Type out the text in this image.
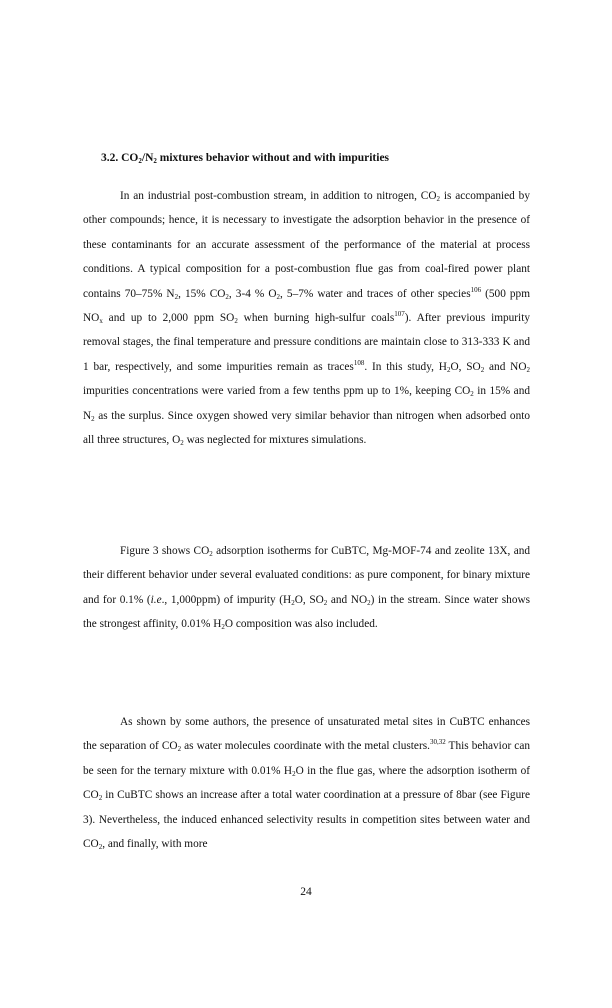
3.2. $CO_2/N_2$ mixtures behavior without and with impurities

In an industrial post-combustion stream, in addition to nitrogen, $CO_2$ is accompanied by other compounds; hence, it is necessary to investigate the adsorption behavior in the presence of these contaminants for an accurate assessment of the performance of the material at process conditions. A typical composition for a post-combustion flue gas from coal-fired power plant contains 70–75% $N_2$, 15% $CO_2$, 3-4 % $O_2$, 5–7% water and traces of other species$^{106}$ (500 ppm $NO_x$ and up to 2,000 ppm $SO_2$ when burning high-sulfur coals$^{107}$). After previous impurity removal stages, the final temperature and pressure conditions are maintain close to 313-333 K and 1 bar, respectively, and some impurities remain as traces$^{108}$. In this study, $H_2O$, $SO_2$ and $NO_2$ impurities concentrations were varied from a few tenths ppm up to 1%, keeping $CO_2$ in 15% and $N_2$ as the surplus. Since oxygen showed very similar behavior than nitrogen when adsorbed onto all three structures, $O_2$ was neglected for mixtures simulations.

Figure 3 shows $CO_2$ adsorption isotherms for CuBTC, Mg-MOF-74 and zeolite 13X, and their different behavior under several evaluated conditions: as pure component, for binary mixture and for 0.1% (i.e., 1,000ppm) of impurity ($H_2O$, $SO_2$ and $NO_2$) in the stream. Since water shows the strongest affinity, 0.01% $H_2O$ composition was also included.

As shown by some authors, the presence of unsaturated metal sites in CuBTC enhances the separation of $CO_2$ as water molecules coordinate with the metal clusters.$^{30,32}$ This behavior can be seen for the ternary mixture with 0.01% $H_2O$ in the flue gas, where the adsorption isotherm of $CO_2$ in CuBTC shows an increase after a total water coordination at a pressure of 8bar (see Figure 3). Nevertheless, the induced enhanced selectivity results in competition sites between water and $CO_2$, and finally, with more

24
